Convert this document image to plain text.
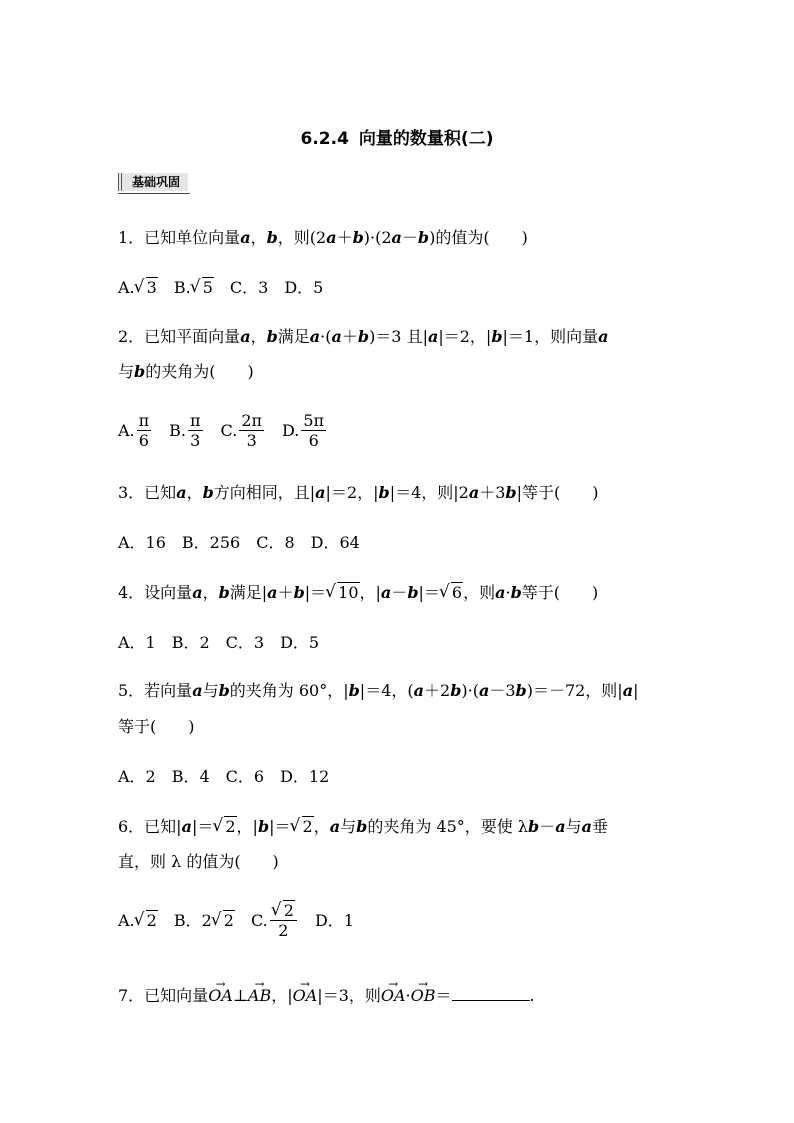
6.2.4 向量的数量积(二)
基础巩固
1．已知单位向量a，b，则(2a＋b)·(2a－b)的值为(　　)
A. √ 3　 B. √ 5　 C．3　 D．5
2．已知平面向量a，b满足a·(a＋b)＝3 且|a|＝2，|b|＝1，则向量a
与b的夹角为(　　)
A. $\frac{\pi}{6}$
　 B. $\frac{\pi}{3}$
　 C. $\frac{2\pi}{3}$
　 D. $\frac{5\pi}{6}$
3．已知a，b方向相同，且|a|＝2，|b|＝4，则|2a＋3b|等于(　　)
A．16　B．256　C．8　D．64
4．设向量a，b满足|a＋b|＝ √ 10，|a－b|＝ √ 6，则a·b等于(　　)
A．1　B．2　C．3　D．5
5．若向量a与b的夹角为 60°，|b|＝4，(a＋2b)·(a－3b)＝－72，则|a|
等于(　　)
A．2　B．4　C．6　D．12
6．已知|a|＝ √ 2，|b|＝ √ 2，a与b的夹角为 45°，要使 λb－a与a垂
直，则 λ 的值为(　　)
A. √ 2　 B．2 √ 2　 C. √ $\frac{2}{2}$
　 D．1
7．已知向量→ OA⊥→ AB，|→ OA|＝3，则→ OA·→ OB＝	.
